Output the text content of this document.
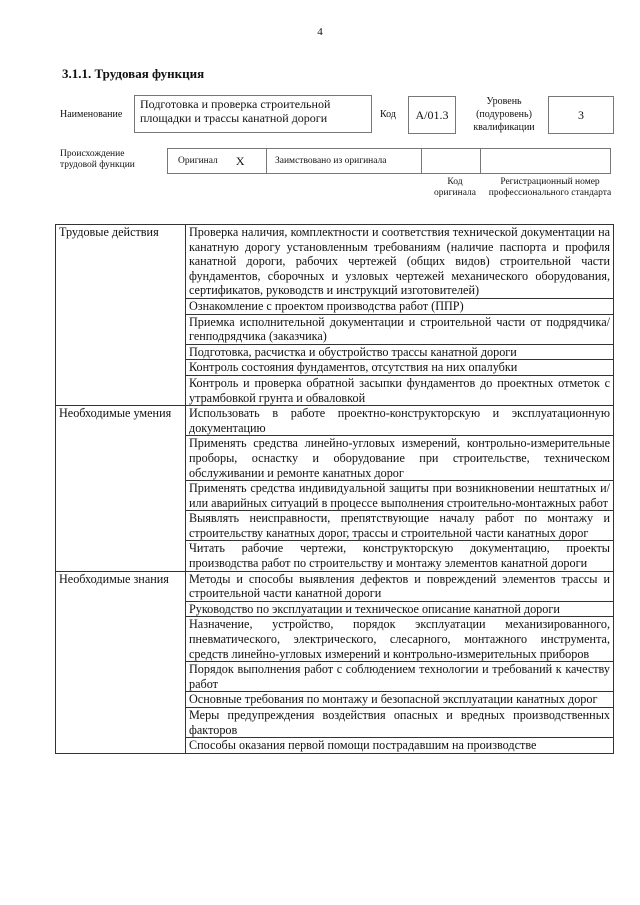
4
3.1.1. Трудовая функция
Наименование
Подготовка и проверка строительной площадки и трассы канатной дороги	Код	А/01.3
Уровень (подуровень) квалификации
3
Происхождение трудовой функции	Оригинал Х	Заимствовано из оригинала
Код оригинала
Регистрационный номер профессионального стандарта
Трудовые действия	Проверка наличия, комплектности и соответствия технической документации на канатную дорогу установленным требованиям (наличие паспорта и профиля канатной дороги, рабочих чертежей (общих видов) строительной части фундаментов, сборочных и узловых чертежей механического оборудования, сертификатов, руководств и инструкций изготовителей)
	Ознакомление с проектом производства работ (ППР)
	Приемка исполнительной документации и строительной части от подрядчика/генподрядчика (заказчика)
	Подготовка, расчистка и обустройство трассы канатной дороги
	Контроль состояния фундаментов, отсутствия на них опалубки
	Контроль и проверка обратной засыпки фундаментов до проектных отметок с утрамбовкой грунта и обваловкой
Необходимые умения	Использовать в работе проектно-конструкторскую и эксплуатационную документацию
	Применять средства линейно-угловых измерений, контрольно-измерительные проборы, оснастку и оборудование при строительстве, техническом обслуживании и ремонте канатных дорог
	Применять средства индивидуальной защиты при возникновении нештатных и/или аварийных ситуаций в процессе выполнения строительно-монтажных работ
	Выявлять неисправности, препятствующие началу работ по монтажу и строительству канатных дорог, трассы и строительной части канатных дорог
	Читать рабочие чертежи, конструкторскую документацию, проекты производства работ по строительству и монтажу элементов канатной дороги
Необходимые знания	Методы и способы выявления дефектов и повреждений элементов трассы и строительной части канатной дороги
	Руководство по эксплуатации и техническое описание канатной дороги
	Назначение, устройство, порядок эксплуатации механизированного, пневматического, электрического, слесарного, монтажного инструмента, средств линейно-угловых измерений и контрольно-измерительных приборов
	Порядок выполнения работ с соблюдением технологии и требований к качеству работ
	Основные требования по монтажу и безопасной эксплуатации канатных дорог
	Меры предупреждения воздействия опасных и вредных производственных факторов
	Способы оказания первой помощи пострадавшим на производстве
